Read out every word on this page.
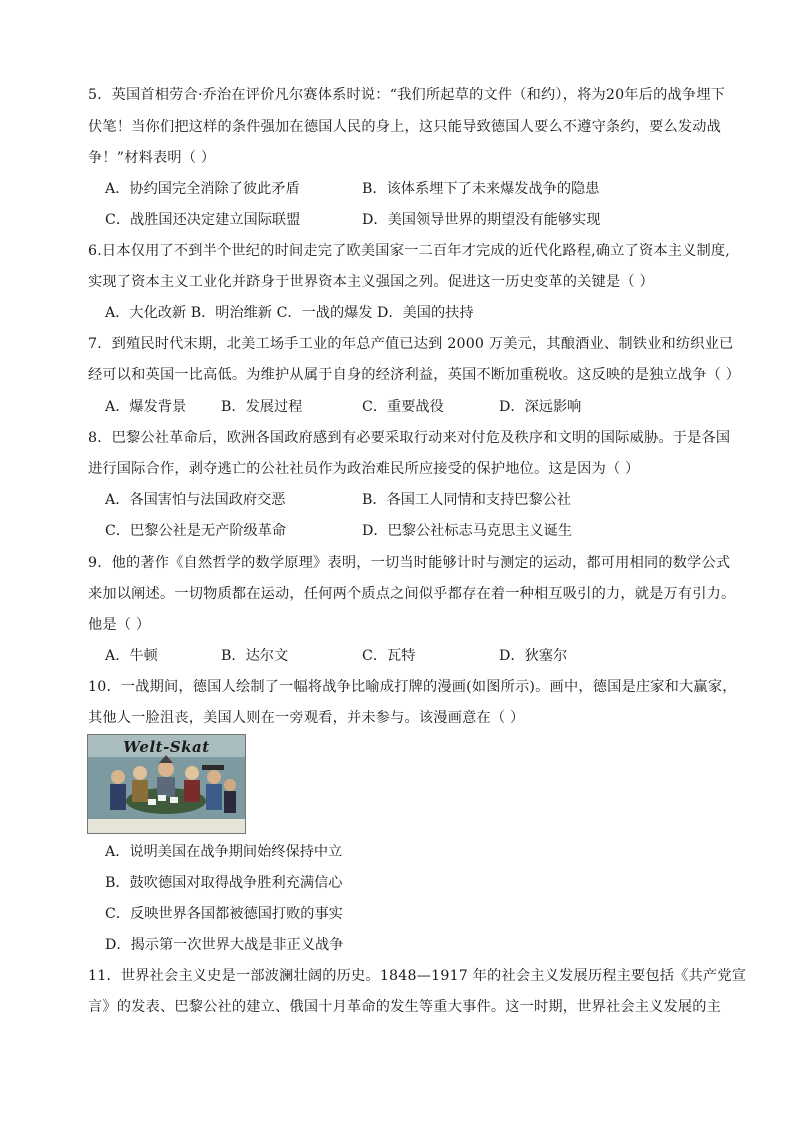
5．英国首相劳合·乔治在评价凡尔赛体系时说：“我们所起草的文件（和约），将为20年后的战争埋下
伏笔！当你们把这样的条件强加在德国人民的身上，这只能导致德国人要么不遵守条约，要么发动战
争！”材料表明（ ）
A．协约国完全消除了彼此矛盾	B．该体系埋下了未来爆发战争的隐患
C．战胜国还决定建立国际联盟	D．美国领导世界的期望没有能够实现
6.日本仅用了不到半个世纪的时间走完了欧美国家一二百年才完成的近代化路程,确立了资本主义制度,
实现了资本主义工业化并跻身于世界资本主义强国之列。促进这一历史变革的关键是（ ）
A．大化改新 B．明治维新 C．一战的爆发 D．美国的扶持
7．到殖民时代末期，北美工场手工业的年总产值已达到 2000 万美元，其酿酒业、制铁业和纺织业已
经可以和英国一比高低。为维护从属于自身的经济利益，英国不断加重税收。这反映的是独立战争（ ）
A．爆发背景 B．发展过程	C．重要战役	D．深远影响
8．巴黎公社革命后，欧洲各国政府感到有必要采取行动来对付危及秩序和文明的国际威胁。于是各国
进行国际合作，剥夺逃亡的公社社员作为政治难民所应接受的保护地位。这是因为（ ）
A．各国害怕与法国政府交恶	B．各国工人同情和支持巴黎公社
C．巴黎公社是无产阶级革命	D．巴黎公社标志马克思主义诞生
9．他的著作《自然哲学的数学原理》表明，一切当时能够计时与测定的运动，都可用相同的数学公式
来加以阐述。一切物质都在运动，任何两个质点之间似乎都存在着一种相互吸引的力，就是万有引力。
他是（ ）
A．牛顿	B．达尔文	C．瓦特	D．狄塞尔
10．一战期间，德国人绘制了一幅将战争比喻成打牌的漫画(如图所示)。画中，德国是庄家和大赢家，
其他人一脸沮丧，美国人则在一旁观看，并未参与。该漫画意在（ ）
Welt-Skat
A．说明美国在战争期间始终保持中立
B．鼓吹德国对取得战争胜利充满信心
C．反映世界各国都被德国打败的事实
D．揭示第一次世界大战是非正义战争
11．世界社会主义史是一部波澜壮阔的历史。1848—1917 年的社会主义发展历程主要包括《共产党宣
言》的发表、巴黎公社的建立、俄国十月革命的发生等重大事件。这一时期，世界社会主义发展的主
